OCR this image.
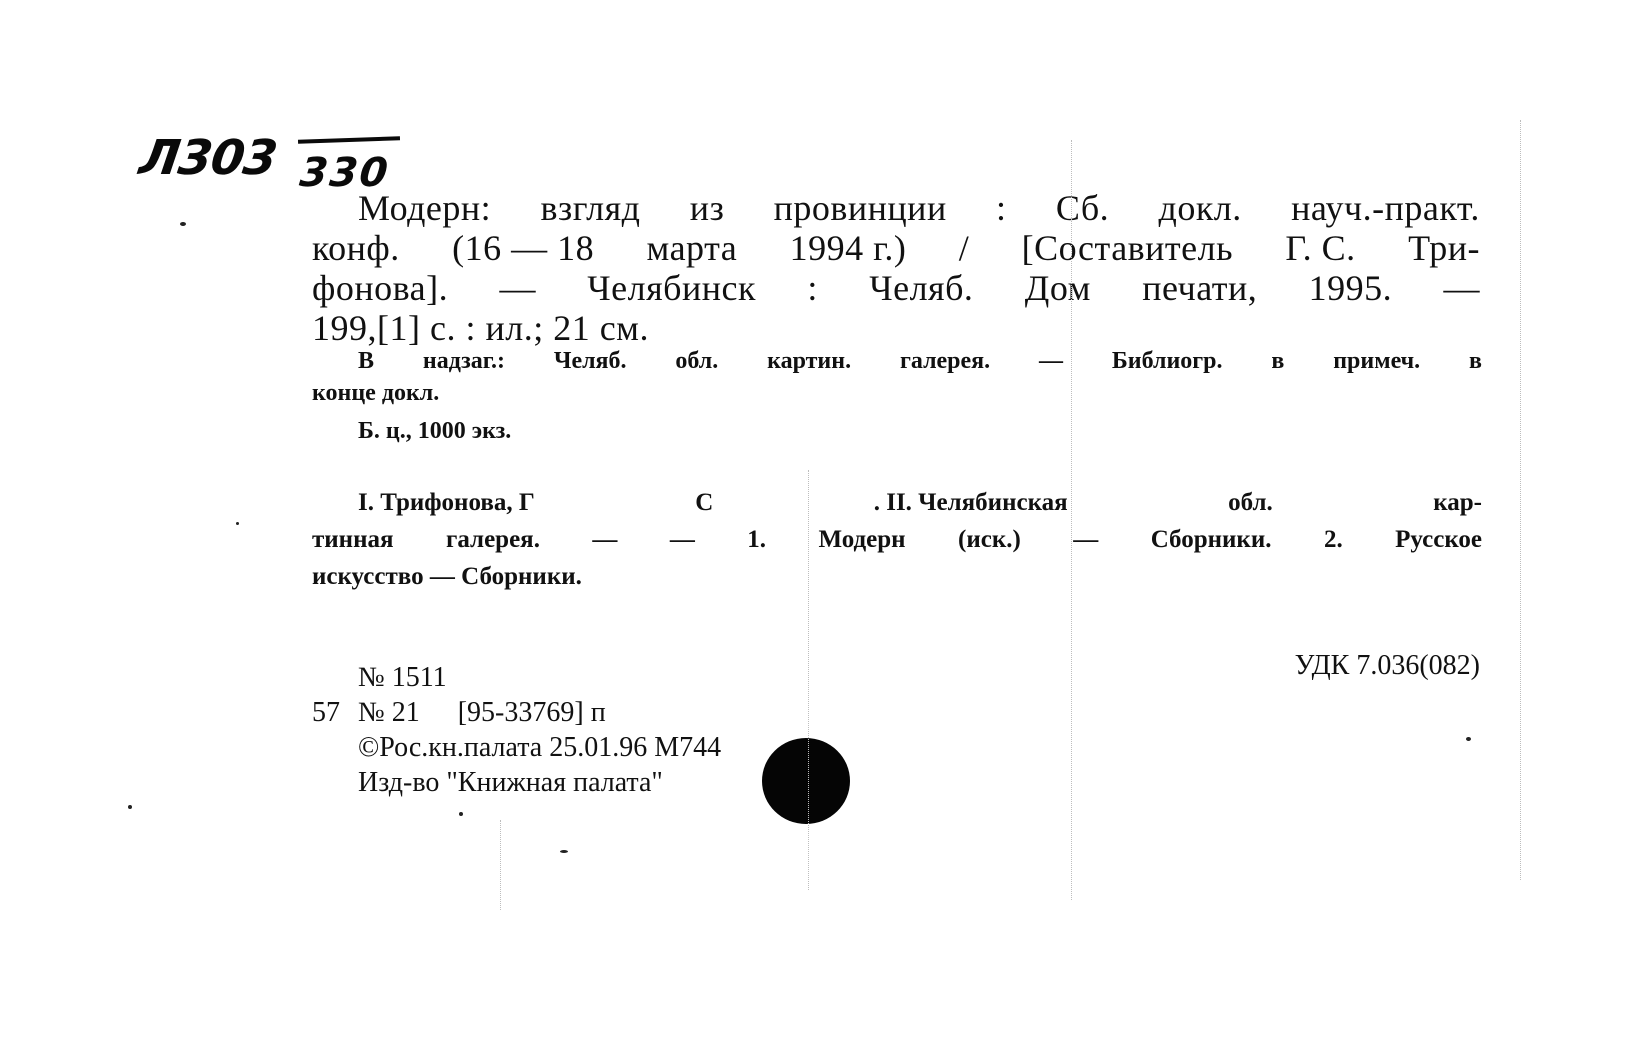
Л303 330
Модерн: взгляд из провинции : Сб. докл. науч.-практ.
конф. (16 — 18 марта 1994 г.) / [Составитель Г. С. Три-
фонова]. — Челябинск : Челяб. Дом печати, 1995. —
199,[1] с. : ил.; 21 см.
В надзаг.: Челяб. обл. картин. галерея. — Библиогр. в примеч. в
конце докл.
Б. ц., 1000 экз.
I. Трифонова, Г	С	. II. Челябинская	обл.	кар-
тинная галерея. — — 1. Модерн (иск.) — Сборники. 2. Русское
искусство — Сборники.
№ 1511
57 № 21 [95-33769] п
©Рос.кн.палата 25.01.96 М744
Изд-во "Книжная палата"
УДК 7.036(082)
